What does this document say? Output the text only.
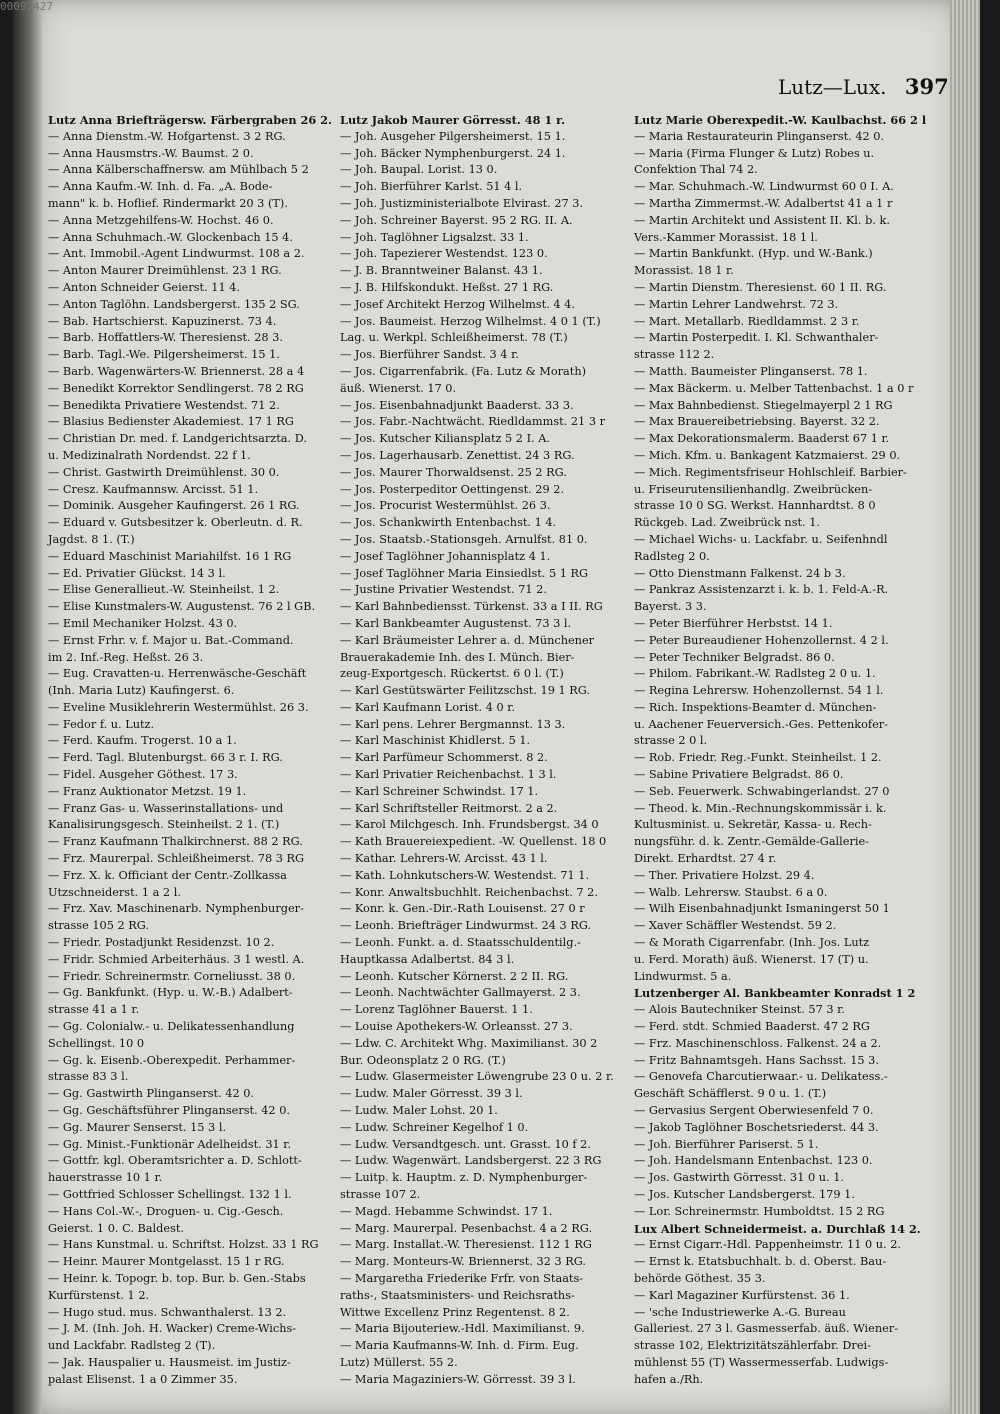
00092427
Lutz—Lux. 397
Lutz Anna Briefträgersw. Färbergraben 26 2.
— Anna Dienstm.-W. Hofgartenst. 3 2 RG.
— Anna Hausmstrs.-W. Baumst. 2 0.
— Anna Kälberschaffnersw. am Mühlbach 5 2
— Anna Kaufm.-W. Inh. d. Fa. „A. Bode-
mann" k. b. Hoflief. Rindermarkt 20 3 (T).
— Anna Metzgehilfens-W. Hochst. 46 0.
— Anna Schuhmach.-W. Glockenbach 15 4.
— Ant. Immobil.-Agent Lindwurmst. 108 a 2.
— Anton Maurer Dreimühlenst. 23 1 RG.
— Anton Schneider Geierst. 11 4.
— Anton Taglöhn. Landsbergerst. 135 2 SG.
— Bab. Hartschierst. Kapuzinerst. 73 4.
— Barb. Hoffattlers-W. Theresienst. 28 3.
— Barb. Tagl.-We. Pilgersheimerst. 15 1.
— Barb. Wagenwärters-W. Briennerst. 28 a 4
— Benedikt Korrektor Sendlingerst. 78 2 RG
— Benedikta Privatiere Westendst. 71 2.
— Blasius Bedienster Akademiest. 17 1 RG
— Christian Dr. med. f. Landgerichtsarzta. D.
u. Medizinalrath Nordendst. 22 f 1.
— Christ. Gastwirth Dreimühlenst. 30 0.
— Cresz. Kaufmannsw. Arcisst. 51 1.
— Dominik. Ausgeher Kaufingerst. 26 1 RG.
— Eduard v. Gutsbesitzer k. Oberleutn. d. R.
Jagdst. 8 1. (T.)
— Eduard Maschinist Mariahilfst. 16 1 RG
— Ed. Privatier Glückst. 14 3 l.
— Elise Generallieut.-W. Steinheilst. 1 2.
— Elise Kunstmalers-W. Augustenst. 76 2 l GB.
— Emil Mechaniker Holzst. 43 0.
— Ernst Frhr. v. f. Major u. Bat.-Command.
im 2. Inf.-Reg. Heßst. 26 3.
— Eug. Cravatten-u. Herrenwäsche-Geschäft
(Inh. Maria Lutz) Kaufingerst. 6.
— Eveline Musiklehrerin Westermühlst. 26 3.
— Fedor f. u. Lutz.
— Ferd. Kaufm. Trogerst. 10 a 1.
— Ferd. Tagl. Blutenburgst. 66 3 r. I. RG.
— Fidel. Ausgeher Göthest. 17 3.
— Franz Auktionator Metzst. 19 1.
— Franz Gas- u. Wasserinstallations- und
Kanalisirungsgesch. Steinheilst. 2 1. (T.)
— Franz Kaufmann Thalkirchnerst. 88 2 RG.
— Frz. Maurerpal. Schleißheimerst. 78 3 RG
— Frz. X. k. Officiant der Centr.-Zollkassa
Utzschneiderst. 1 a 2 l.
— Frz. Xav. Maschinenarb. Nymphenburger-
strasse 105 2 RG.
— Friedr. Postadjunkt Residenzst. 10 2.
— Fridr. Schmied Arbeiterhäus. 3 1 westl. A.
— Friedr. Schreinermstr. Corneliusst. 38 0.
— Gg. Bankfunkt. (Hyp. u. W.-B.) Adalbert-
strasse 41 a 1 r.
— Gg. Colonialw.- u. Delikatessenhandlung
Schellingst. 10 0
— Gg. k. Eisenb.-Oberexpedit. Perhammer-
strasse 83 3 l.
— Gg. Gastwirth Plinganserst. 42 0.
— Gg. Geschäftsführer Plinganserst. 42 0.
— Gg. Maurer Senserst. 15 3 l.
— Gg. Minist.-Funktionär Adelheidst. 31 r.
— Gottfr. kgl. Oberamtsrichter a. D. Schlott-
hauerstrasse 10 1 r.
— Gottfried Schlosser Schellingst. 132 1 l.
— Hans Col.-W.-, Droguen- u. Cig.-Gesch.
Geierst. 1 0. C. Baldest.
— Hans Kunstmal. u. Schriftst. Holzst. 33 1 RG
— Heinr. Maurer Montgelasst. 15 1 r RG.
— Heinr. k. Topogr. b. top. Bur. b. Gen.-Stabs
Kurfürstenst. 1 2.
— Hugo stud. mus. Schwanthalerst. 13 2.
— J. M. (Inh. Joh. H. Wacker) Creme-Wichs-
und Lackfabr. Radlsteg 2 (T).
— Jak. Hauspalier u. Hausmeist. im Justiz-
palast Elisenst. 1 a 0 Zimmer 35.
Lutz Jakob Maurer Görresst. 48 1 r.
— Joh. Ausgeher Pilgersheimerst. 15 1.
— Joh. Bäcker Nymphenburgerst. 24 1.
— Joh. Baupal. Lorist. 13 0.
— Joh. Bierführer Karlst. 51 4 l.
— Joh. Justizministerialbote Elvirast. 27 3.
— Joh. Schreiner Bayerst. 95 2 RG. II. A.
— Joh. Taglöhner Ligsalzst. 33 1.
— Joh. Tapezierer Westendst. 123 0.
— J. B. Branntweiner Balanst. 43 1.
— J. B. Hilfskondukt. Heßst. 27 1 RG.
— Josef Architekt Herzog Wilhelmst. 4 4.
— Jos. Baumeist. Herzog Wilhelmst. 4 0 1 (T.)
Lag. u. Werkpl. Schleißheimerst. 78 (T.)
— Jos. Bierführer Sandst. 3 4 r.
— Jos. Cigarrenfabrik. (Fa. Lutz & Morath)
äuß. Wienerst. 17 0.
— Jos. Eisenbahnadjunkt Baaderst. 33 3.
— Jos. Fabr.-Nachtwächt. Riedldammst. 21 3 r
— Jos. Kutscher Kiliansplatz 5 2 I. A.
— Jos. Lagerhausarb. Zenettist. 24 3 RG.
— Jos. Maurer Thorwaldsenst. 25 2 RG.
— Jos. Posterpeditor Oettingenst. 29 2.
— Jos. Procurist Westermühlst. 26 3.
— Jos. Schankwirth Entenbachst. 1 4.
— Jos. Staatsb.-Stationsgeh. Arnulfst. 81 0.
— Josef Taglöhner Johannisplatz 4 1.
— Josef Taglöhner Maria Einsiedlst. 5 1 RG
— Justine Privatier Westendst. 71 2.
— Karl Bahnbediensst. Türkenst. 33 a I II. RG
— Karl Bankbeamter Augustenst. 73 3 l.
— Karl Bräumeister Lehrer a. d. Münchener
Brauerakademie Inh. des I. Münch. Bier-
zeug-Exportgesch. Rückertst. 6 0 l. (T.)
— Karl Gestütswärter Feilitzschst. 19 1 RG.
— Karl Kaufmann Lorist. 4 0 r.
— Karl pens. Lehrer Bergmannst. 13 3.
— Karl Maschinist Khidlerst. 5 1.
— Karl Parfümeur Schommerst. 8 2.
— Karl Privatier Reichenbachst. 1 3 l.
— Karl Schreiner Schwindst. 17 1.
— Karl Schriftsteller Reitmorst. 2 a 2.
— Karol Milchgesch. Inh. Frundsbergst. 34 0
— Kath Brauereiexpedient. -W. Quellenst. 18 0
— Kathar. Lehrers-W. Arcisst. 43 1 l.
— Kath. Lohnkutschers-W. Westendst. 71 1.
— Konr. Anwaltsbuchhlt. Reichenbachst. 7 2.
— Konr. k. Gen.-Dir.-Rath Louisenst. 27 0 r
— Leonh. Briefträger Lindwurmst. 24 3 RG.
— Leonh. Funkt. a. d. Staatsschuldentilg.-
Hauptkassa Adalbertst. 84 3 l.
— Leonh. Kutscher Körnerst. 2 2 II. RG.
— Leonh. Nachtwächter Gallmayerst. 2 3.
— Lorenz Taglöhner Bauerst. 1 1.
— Louise Apothekers-W. Orleansst. 27 3.
— Ldw. C. Architekt Whg. Maximilianst. 30 2
Bur. Odeonsplatz 2 0 RG. (T.)
— Ludw. Glasermeister Löwengrube 23 0 u. 2 r.
— Ludw. Maler Görresst. 39 3 l.
— Ludw. Maler Lohst. 20 1.
— Ludw. Schreiner Kegelhof 1 0.
— Ludw. Versandtgesch. unt. Grasst. 10 f 2.
— Ludw. Wagenwärt. Landsbergerst. 22 3 RG
— Luitp. k. Hauptm. z. D. Nymphenburger-
strasse 107 2.
— Magd. Hebamme Schwindst. 17 1.
— Marg. Maurerpal. Pesenbachst. 4 a 2 RG.
— Marg. Installat.-W. Theresienst. 112 1 RG
— Marg. Monteurs-W. Briennerst. 32 3 RG.
— Margaretha Friederike Frfr. von Staats-
raths-, Staatsministers- und Reichsraths-
Wittwe Excellenz Prinz Regentenst. 8 2.
— Maria Bijouteriew.-Hdl. Maximilianst. 9.
— Maria Kaufmanns-W. Inh. d. Firm. Eug.
Lutz) Müllerst. 55 2.
— Maria Magaziniers-W. Görresst. 39 3 l.
Lutz Marie Oberexpedit.-W. Kaulbachst. 66 2 l
— Maria Restaurateurin Plinganserst. 42 0.
— Maria (Firma Flunger & Lutz) Robes u.
Confektion Thal 74 2.
— Mar. Schuhmach.-W. Lindwurmst 60 0 I. A.
— Martha Zimmermst.-W. Adalbertst 41 a 1 r
— Martin Architekt und Assistent II. Kl. b. k.
Vers.-Kammer Morassist. 18 1 l.
— Martin Bankfunkt. (Hyp. und W.-Bank.)
Morassist. 18 1 r.
— Martin Dienstm. Theresienst. 60 1 II. RG.
— Martin Lehrer Landwehrst. 72 3.
— Mart. Metallarb. Riedldammst. 2 3 r.
— Martin Posterpedit. I. Kl. Schwanthaler-
strasse 112 2.
— Matth. Baumeister Plinganserst. 78 1.
— Max Bäckerm. u. Melber Tattenbachst. 1 a 0 r
— Max Bahnbedienst. Stiegelmayerpl 2 1 RG
— Max Brauereibetriebsing. Bayerst. 32 2.
— Max Dekorationsmalerm. Baaderst 67 1 r.
— Mich. Kfm. u. Bankagent Katzmaierst. 29 0.
— Mich. Regimentsfriseur Hohlschleif. Barbier-
u. Friseurutensilienhandlg. Zweibrücken-
strasse 10 0 SG. Werkst. Hannhardtst. 8 0
Rückgeb. Lad. Zweibrück nst. 1.
— Michael Wichs- u. Lackfabr. u. Seifenhndl
Radlsteg 2 0.
— Otto Dienstmann Falkenst. 24 b 3.
— Pankraz Assistenzarzt i. k. b. 1. Feld-A.-R.
Bayerst. 3 3.
— Peter Bierführer Herbstst. 14 1.
— Peter Bureaudiener Hohenzollernst. 4 2 l.
— Peter Techniker Belgradst. 86 0.
— Philom. Fabrikant.-W. Radlsteg 2 0 u. 1.
— Regina Lehrersw. Hohenzollernst. 54 1 l.
— Rich. Inspektions-Beamter d. München-
u. Aachener Feuerversich.-Ges. Pettenkofer-
strasse 2 0 l.
— Rob. Friedr. Reg.-Funkt. Steinheilst. 1 2.
— Sabine Privatiere Belgradst. 86 0.
— Seb. Feuerwerk. Schwabingerlandst. 27 0
— Theod. k. Min.-Rechnungskommissär i. k.
Kultusminist. u. Sekretär, Kassa- u. Rech-
nungsführ. d. k. Zentr.-Gemälde-Gallerie-
Direkt. Erhardtst. 27 4 r.
— Ther. Privatiere Holzst. 29 4.
— Walb. Lehrersw. Staubst. 6 a 0.
— Wilh Eisenbahnadjunkt Ismaningerst 50 1
— Xaver Schäffler Westendst. 59 2.
— & Morath Cigarrenfabr. (Inh. Jos. Lutz
u. Ferd. Morath) äuß. Wienerst. 17 (T) u.
Lindwurmst. 5 a.
Lutzenberger Al. Bankbeamter Konradst 1 2
— Alois Bautechniker Steinst. 57 3 r.
— Ferd. stdt. Schmied Baaderst. 47 2 RG
— Frz. Maschinenschloss. Falkenst. 24 a 2.
— Fritz Bahnamtsgeh. Hans Sachsst. 15 3.
— Genovefa Charcutierwaar.- u. Delikatess.-
Geschäft Schäfflerst. 9 0 u. 1. (T.)
— Gervasius Sergent Oberwiesenfeld 7 0.
— Jakob Taglöhner Boschetsriederst. 44 3.
— Joh. Bierführer Pariserst. 5 1.
— Joh. Handelsmann Entenbachst. 123 0.
— Jos. Gastwirth Görresst. 31 0 u. 1.
— Jos. Kutscher Landsbergerst. 179 1.
— Lor. Schreinermstr. Humboldtst. 15 2 RG
Lux Albert Schneidermeist. a. Durchlaß 14 2.
— Ernst Cigarr.-Hdl. Pappenheimstr. 11 0 u. 2.
— Ernst k. Etatsbuchhalt. b. d. Oberst. Bau-
behörde Göthest. 35 3.
— Karl Magaziner Kurfürstenst. 36 1.
— 'sche Industriewerke A.-G. Bureau
Galleriest. 27 3 l. Gasmesserfab. äuß. Wiener-
strasse 102, Elektrizitätszählerfabr. Drei-
mühlenst 55 (T) Wassermesserfab. Ludwigs-
hafen a./Rh.
